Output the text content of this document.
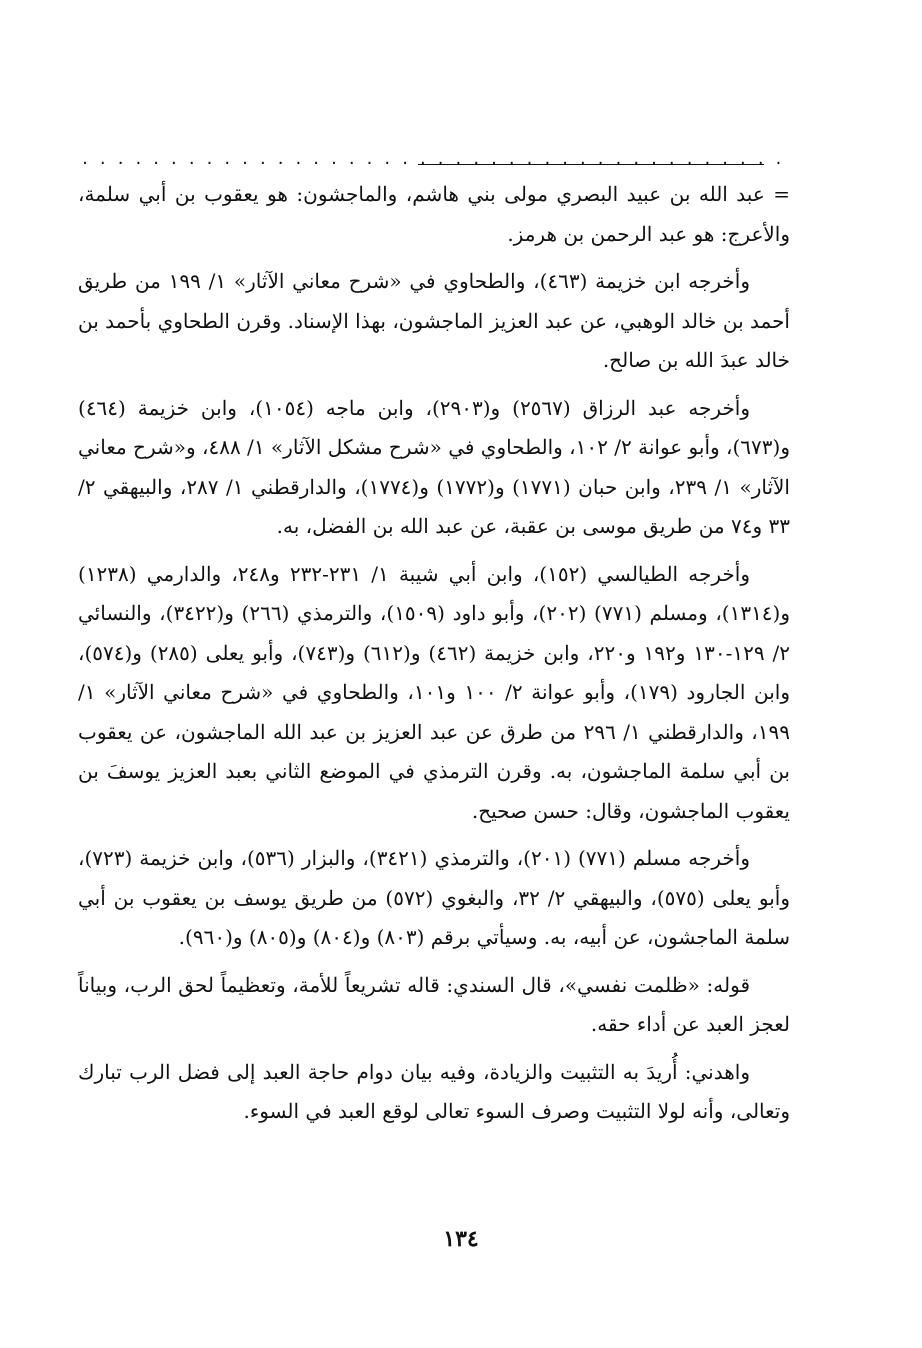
. . . . . . . . . . . . . . . . . . . . . . . . . . . . . . . . . . . . . . . .

= عبد الله بن عبيد البصري مولى بني هاشم، والماجشون: هو يعقوب بن أبي سلمة، والأعرج: هو عبد الرحمن بن هرمز.

وأخرجه ابن خزيمة (٤٦٣)، والطحاوي في «شرح معاني الآثار» ١/ ١٩٩ من طريق أحمد بن خالد الوهبي، عن عبد العزيز الماجشون، بهذا الإسناد. وقرن الطحاوي بأحمد بن خالد عبدَ الله بن صالح.

وأخرجه عبد الرزاق (٢٥٦٧) و(٢٩٠٣)، وابن ماجه (١٠٥٤)، وابن خزيمة (٤٦٤) و(٦٧٣)، وأبو عوانة ٢/ ١٠٢، والطحاوي في «شرح مشكل الآثار» ١/ ٤٨٨، و«شرح معاني الآثار» ١/ ٢٣٩، وابن حبان (١٧٧١) و(١٧٧٢) و(١٧٧٤)، والدارقطني ١/ ٢٨٧، والبيهقي ٢/ ٣٣ و٧٤ من طريق موسى بن عقبة، عن عبد الله بن الفضل، به.

وأخرجه الطيالسي (١٥٢)، وابن أبي شيبة ١/ ٢٣١-٢٣٢ و٢٤٨، والدارمي (١٢٣٨) و(١٣١٤)، ومسلم (٧٧١) (٢٠٢)، وأبو داود (١٥٠٩)، والترمذي (٢٦٦) و(٣٤٢٢)، والنسائي ٢/ ١٢٩-١٣٠ و١٩٢ و٢٢٠، وابن خزيمة (٤٦٢) و(٦١٢) و(٧٤٣)، وأبو يعلى (٢٨٥) و(٥٧٤)، وابن الجارود (١٧٩)، وأبو عوانة ٢/ ١٠٠ و١٠١، والطحاوي في «شرح معاني الآثار» ١/ ١٩٩، والدارقطني ١/ ٢٩٦ من طرق عن عبد العزيز بن عبد الله الماجشون، عن يعقوب بن أبي سلمة الماجشون، به. وقرن الترمذي في الموضع الثاني بعبد العزيز يوسفَ بن يعقوب الماجشون، وقال: حسن صحيح.

وأخرجه مسلم (٧٧١) (٢٠١)، والترمذي (٣٤٢١)، والبزار (٥٣٦)، وابن خزيمة (٧٢٣)، وأبو يعلى (٥٧٥)، والبيهقي ٢/ ٣٢، والبغوي (٥٧٢) من طريق يوسف بن يعقوب بن أبي سلمة الماجشون، عن أبيه، به. وسيأتي برقم (٨٠٣) و(٨٠٤) و(٨٠٥) و(٩٦٠).

قوله: «ظلمت نفسي»، قال السندي: قاله تشريعاً للأمة، وتعظيماً لحق الرب، وبياناً لعجز العبد عن أداء حقه.

واهدني: أُريدَ به التثبيت والزيادة، وفيه بيان دوام حاجة العبد إلى فضل الرب تبارك وتعالى، وأنه لولا التثبيت وصرف السوء تعالى لوقع العبد في السوء.

١٣٤
